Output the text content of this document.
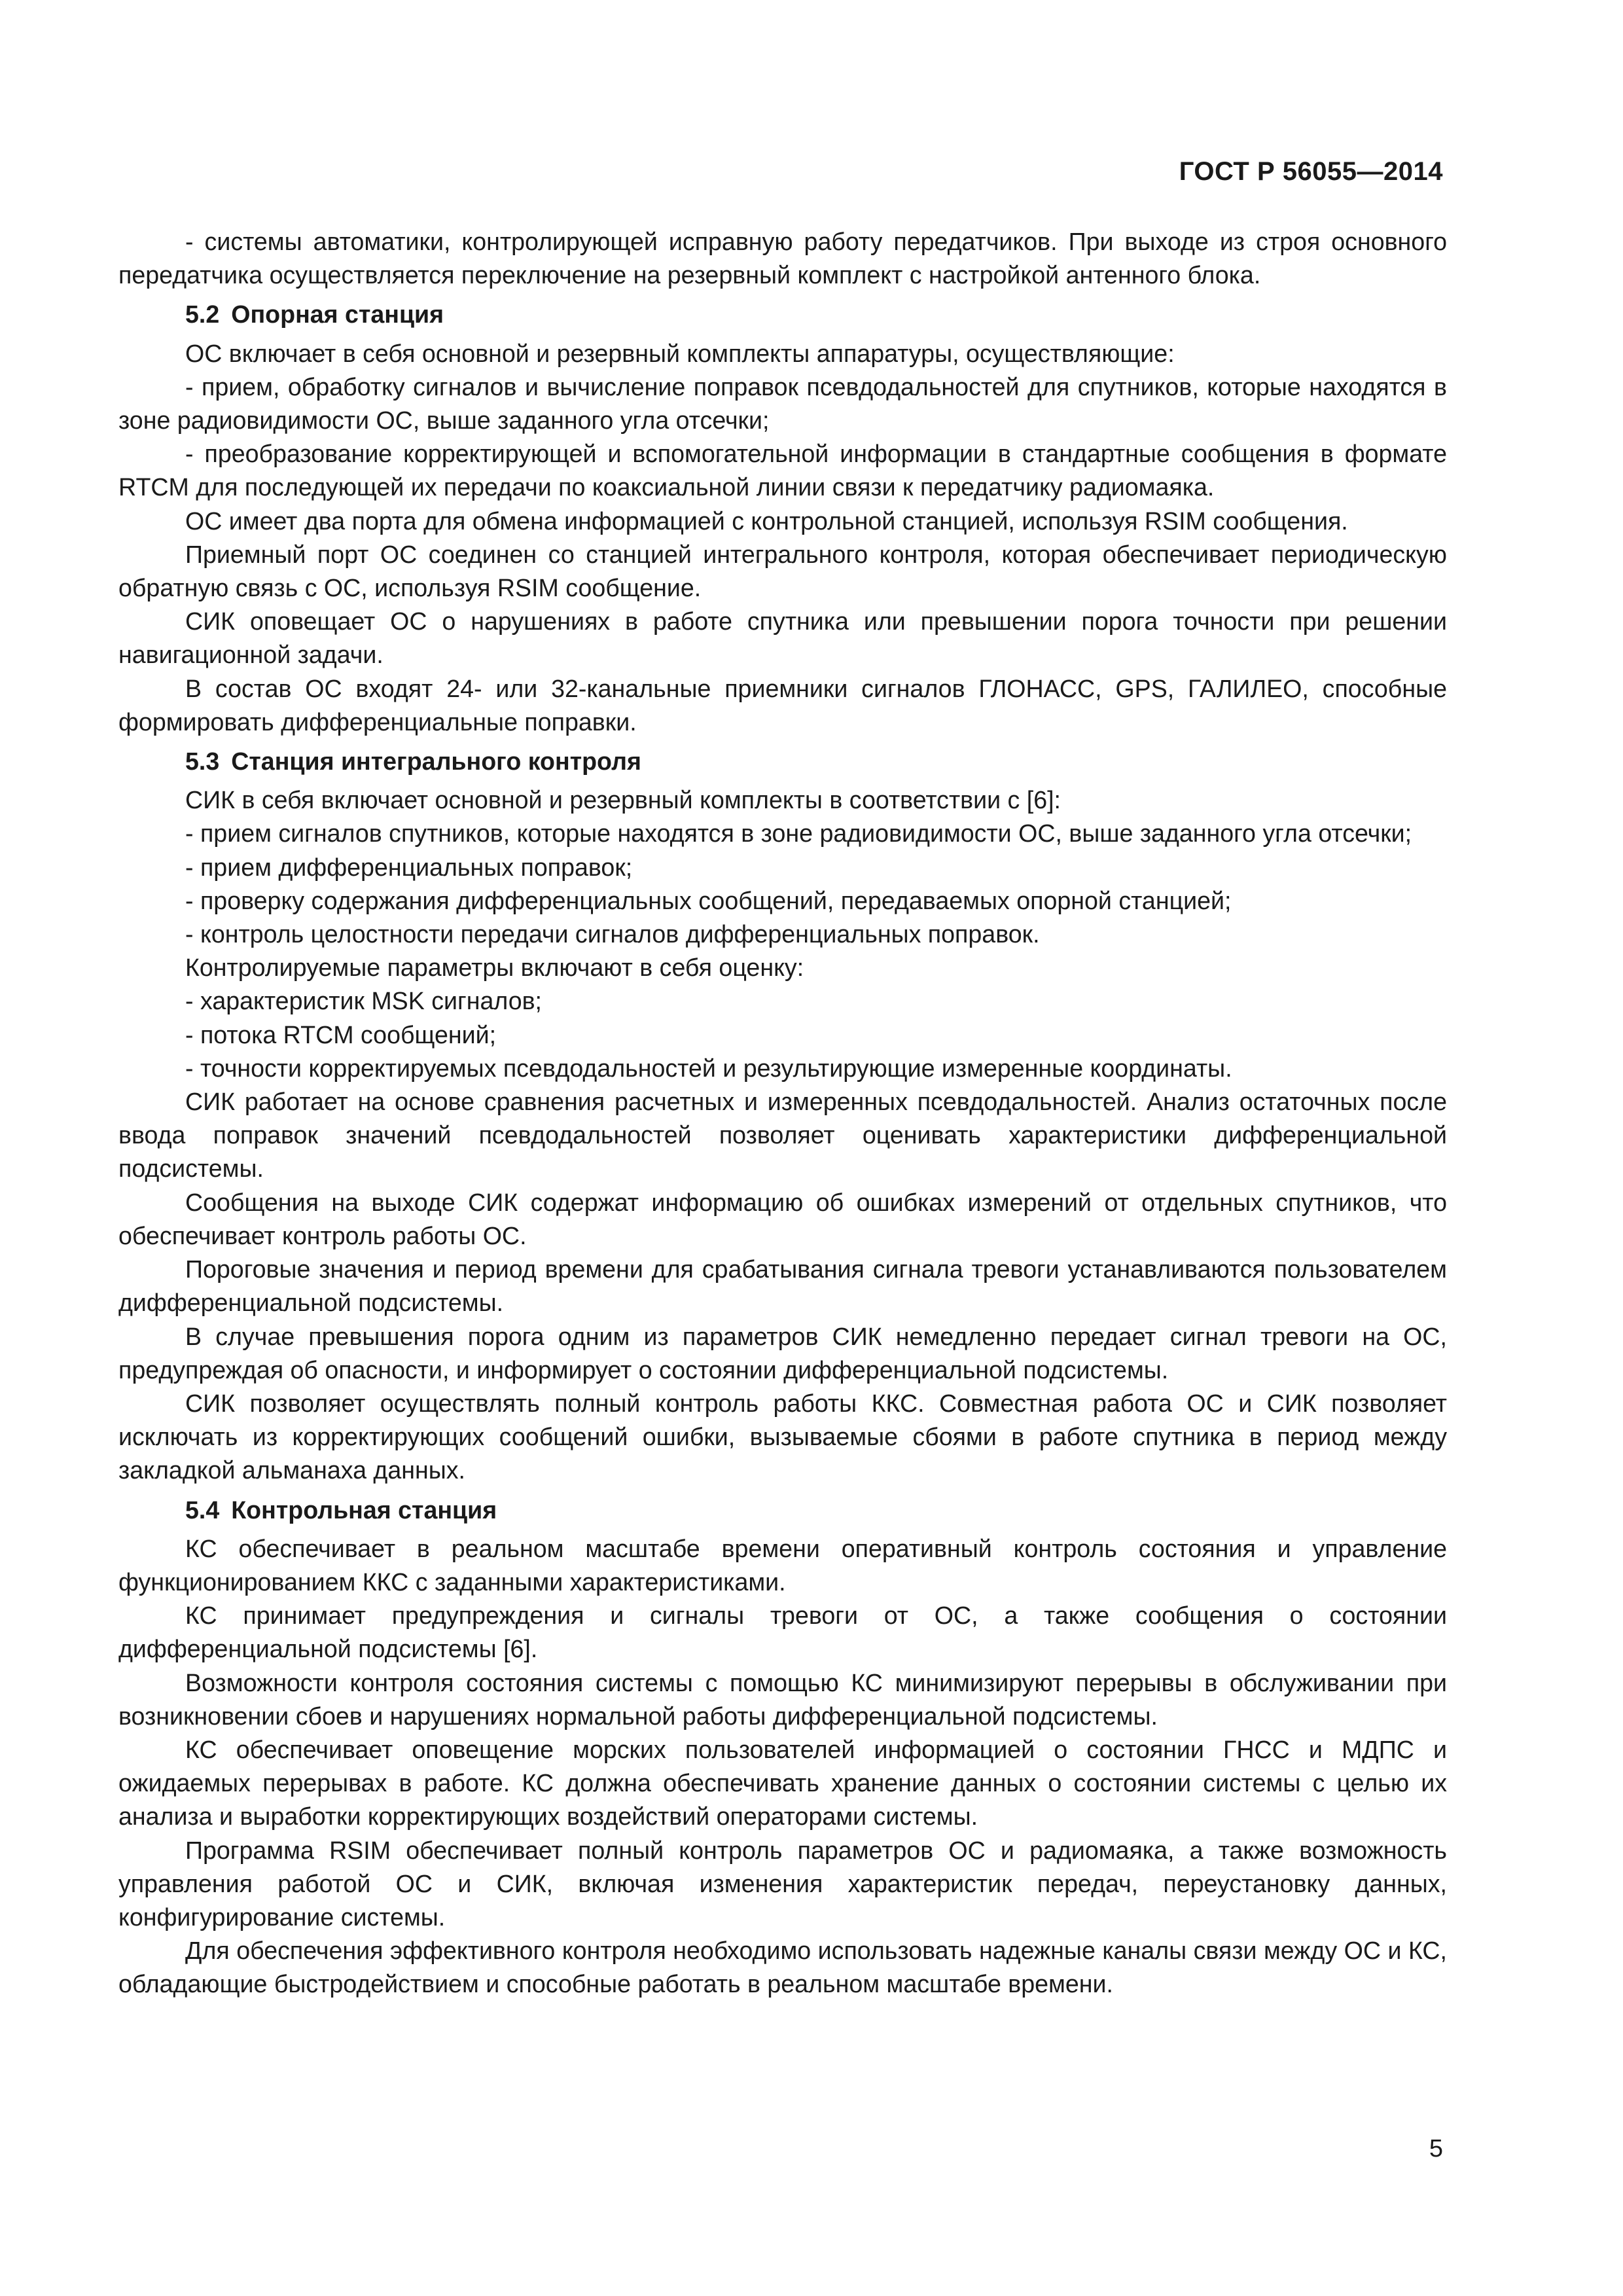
ГОСТ Р 56055—2014

- системы автоматики, контролирующей исправную работу передатчиков. При выходе из строя основного передатчика осуществляется переключение на резервный комплект с настройкой антенного блока.

5.2 Опорная станция

ОС включает в себя основной и резервный комплекты аппаратуры, осуществляющие:

- прием, обработку сигналов и вычисление поправок псевдодальностей для спутников, которые находятся в зоне радиовидимости ОС, выше заданного угла отсечки;

- преобразование корректирующей и вспомогательной информации в стандартные сообщения в формате RTCM для последующей их передачи по коаксиальной линии связи к передатчику радиомаяка.

ОС имеет два порта для обмена информацией с контрольной станцией, используя RSIM сообщения.

Приемный порт ОС соединен со станцией интегрального контроля, которая обеспечивает периодическую обратную связь с ОС, используя RSIM сообщение.

СИК оповещает ОС о нарушениях в работе спутника или превышении порога точности при решении навигационной задачи.

В состав ОС входят 24- или 32-канальные приемники сигналов ГЛОНАСС, GPS, ГАЛИЛЕО, способные формировать дифференциальные поправки.

5.3 Станция интегрального контроля

СИК в себя включает основной и резервный комплекты в соответствии с [6]:

- прием сигналов спутников, которые находятся в зоне радиовидимости ОС, выше заданного угла отсечки;

- прием дифференциальных поправок;

- проверку содержания дифференциальных сообщений, передаваемых опорной станцией;

- контроль целостности передачи сигналов дифференциальных поправок.

Контролируемые параметры включают в себя оценку:

- характеристик MSK сигналов;

- потока RTCM сообщений;

- точности корректируемых псевдодальностей и результирующие измеренные координаты.

СИК работает на основе сравнения расчетных и измеренных псевдодальностей. Анализ остаточных после ввода поправок значений псевдодальностей позволяет оценивать характеристики дифференциальной подсистемы.

Сообщения на выходе СИК содержат информацию об ошибках измерений от отдельных спутников, что обеспечивает контроль работы ОС.

Пороговые значения и период времени для срабатывания сигнала тревоги устанавливаются пользователем дифференциальной подсистемы.

В случае превышения порога одним из параметров СИК немедленно передает сигнал тревоги на ОС, предупреждая об опасности, и информирует о состоянии дифференциальной подсистемы.

СИК позволяет осуществлять полный контроль работы ККС. Совместная работа ОС и СИК позволяет исключать из корректирующих сообщений ошибки, вызываемые сбоями в работе спутника в период между закладкой альманаха данных.

5.4 Контрольная станция

КС обеспечивает в реальном масштабе времени оперативный контроль состояния и управление функционированием ККС с заданными характеристиками.

КС принимает предупреждения и сигналы тревоги от ОС, а также сообщения о состоянии дифференциальной подсистемы [6].

Возможности контроля состояния системы с помощью КС минимизируют перерывы в обслуживании при возникновении сбоев и нарушениях нормальной работы дифференциальной подсистемы.

КС обеспечивает оповещение морских пользователей информацией о состоянии ГНСС и МДПС и ожидаемых перерывах в работе. КС должна обеспечивать хранение данных о состоянии системы с целью их анализа и выработки корректирующих воздействий операторами системы.

Программа RSIM обеспечивает полный контроль параметров ОС и радиомаяка, а также возможность управления работой ОС и СИК, включая изменения характеристик передач, переустановку данных, конфигурирование системы.

Для обеспечения эффективного контроля необходимо использовать надежные каналы связи между ОС и КС, обладающие быстродействием и способные работать в реальном масштабе времени.

5
